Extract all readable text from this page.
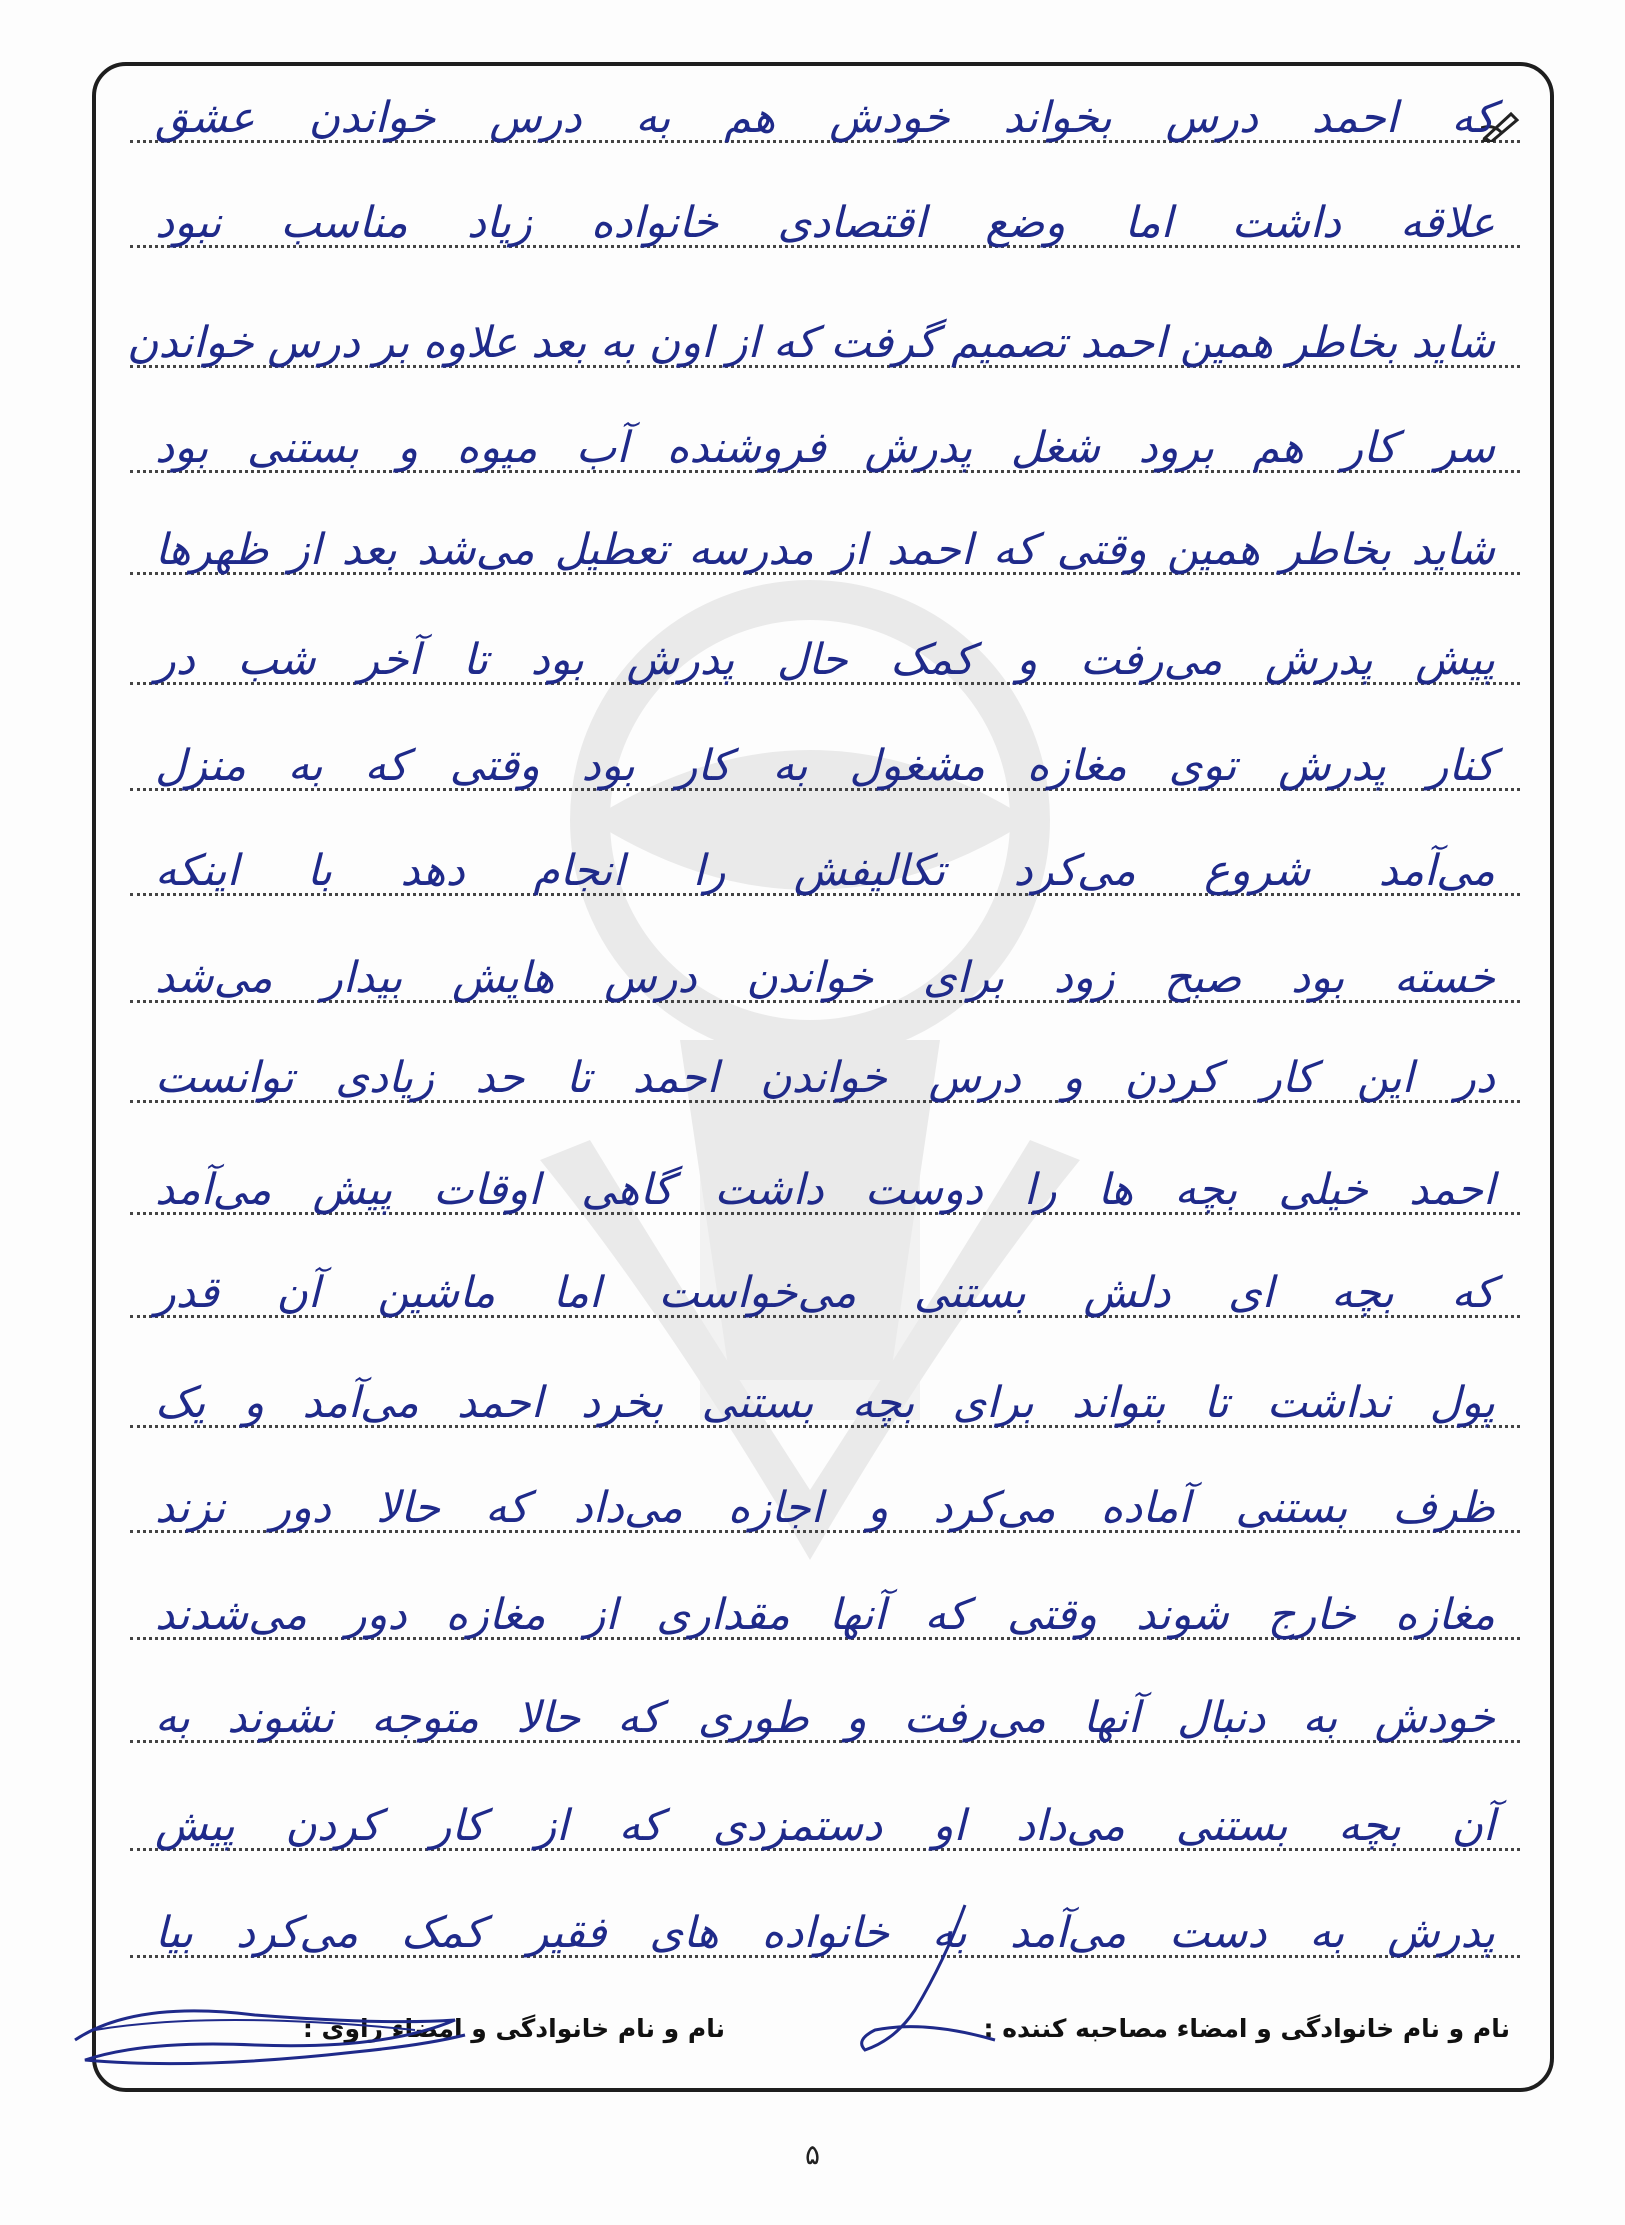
که احمد درس بخواند خودش هم به درس خواندن عشق
علاقه داشت اما وضع اقتصادی خانواده زیاد مناسب نبود
شاید بخاطر همین احمد تصمیم گرفت که از اون به بعد علاوه بر درس خواندن
سر کار هم برود شغل پدرش فروشنده آب میوه و بستنی بود
شاید بخاطر همین وقتی که احمد از مدرسه تعطیل می‌شد بعد از ظهرها
پیش پدرش می‌رفت و کمک حال پدرش بود تا آخر شب در
کنار پدرش توی مغازه مشغول به کار بود وقتی که به منزل
می‌آمد شروع می‌کرد تکالیفش را انجام دهد با اینکه
خسته بود صبح زود برای خواندن درس هایش بیدار می‌شد
در این کار کردن و درس خواندن احمد تا حد زیادی توانست
احمد خیلی بچه ها را دوست داشت گاهی اوقات پیش می‌آمد
که بچه ای دلش بستنی می‌خواست اما ماشین آن قدر
پول نداشت تا بتواند برای بچه بستنی بخرد احمد می‌آمد و یک
ظرف بستنی آماده می‌کرد و اجازه می‌داد که حالا دور نزند
مغازه خارج شوند وقتی که آنها مقداری از مغازه دور می‌شدند
خودش به دنبال آنها می‌رفت و طوری که حالا متوجه نشوند به
آن بچه بستنی می‌داد او دستمزدی که از کار کردن پیش
پدرش به دست می‌آمد به خانواده های فقیر کمک می‌کرد بیا
نام و نام خانوادگی و امضاء مصاحبه کننده :
نام و نام خانوادگی و امضاء راوی :
۵
